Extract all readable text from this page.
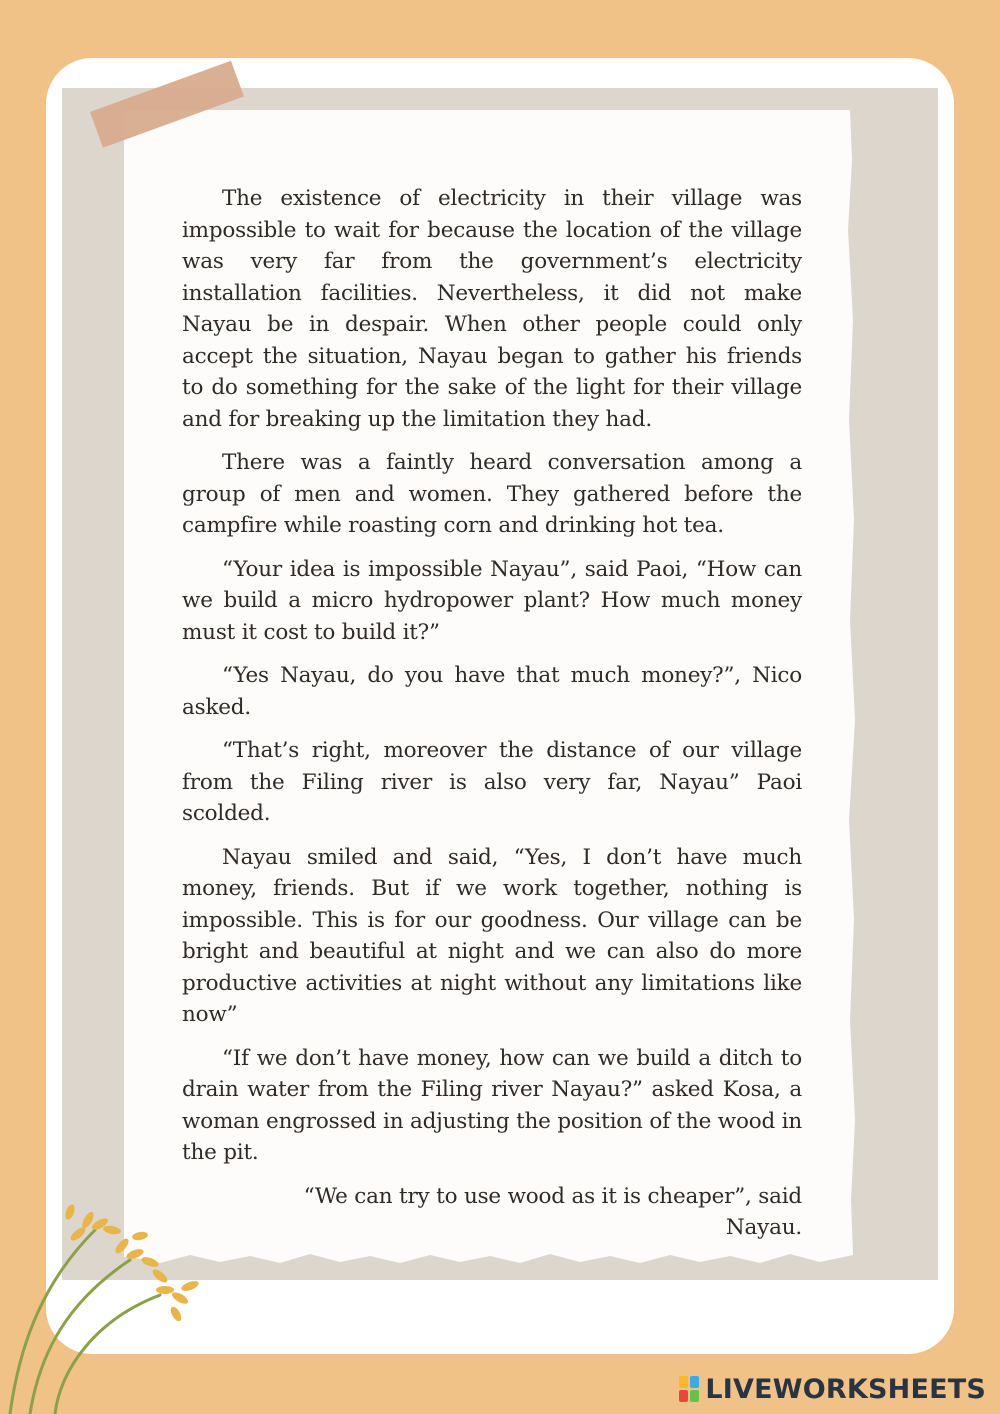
The existence of electricity in their village was impossible to wait for because the location of the village was very far from the government’s electricity installation facilities. Nevertheless, it did not make Nayau be in despair. When other people could only accept the situation, Nayau began to gather his friends to do something for the sake of the light for their village and for breaking up the limitation they had.

There was a faintly heard conversation among a group of men and women. They gathered before the campfire while roasting corn and drinking hot tea.

“Your idea is impossible Nayau”, said Paoi, “How can we build a micro hydropower plant? How much money must it cost to build it?”

“Yes Nayau, do you have that much money?”, Nico asked.

“That’s right, moreover the distance of our village from the Filing river is also very far, Nayau” Paoi scolded.

Nayau smiled and said, “Yes, I don’t have much money, friends. But if we work together, nothing is impossible. This is for our goodness. Our village can be bright and beautiful at night and we can also do more productive activities at night without any limitations like now”

“If we don’t have money, how can we build a ditch to drain water from the Filing river Nayau?” asked Kosa, a woman engrossed in adjusting the position of the wood in the pit.

“We can try to use wood as it is cheaper”, said Nayau.

LIVEWORKSHEETS
